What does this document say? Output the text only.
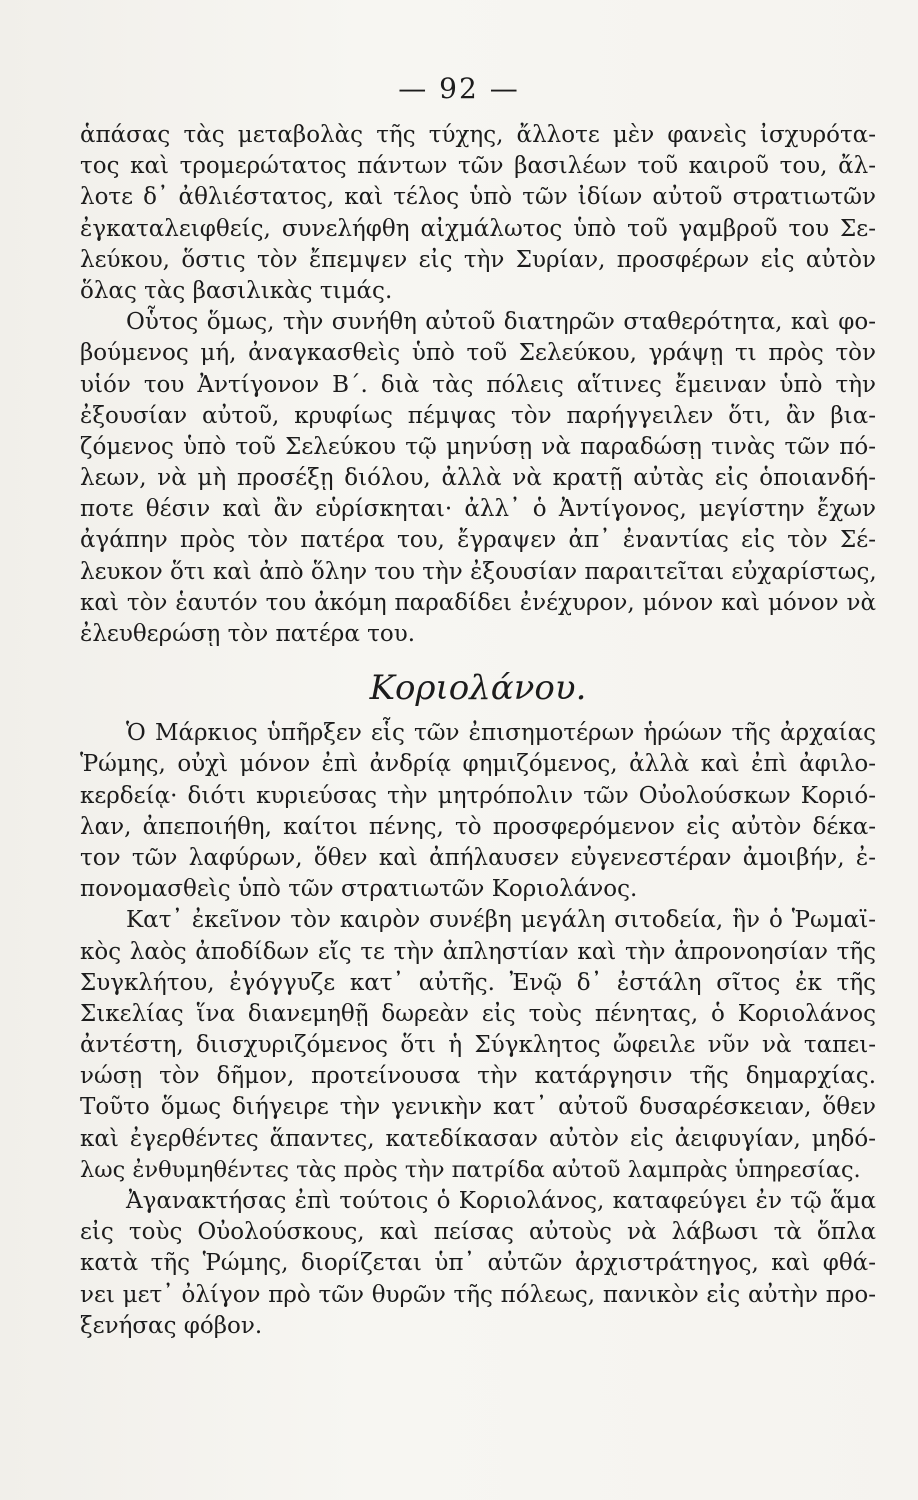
— 92 —
ἁπάσας τὰς μεταβολὰς τῆς τύχης, ἄλλοτε μὲν φανεὶς ἰσχυρότα-
τος καὶ τρομερώτατος πάντων τῶν βασιλέων τοῦ καιροῦ του, ἄλ-
λοτε δ᾽ ἀθλιέστατος, καὶ τέλος ὑπὸ τῶν ἰδίων αὐτοῦ στρατιωτῶν
ἐγκαταλειφθείς, συνελήφθη αἰχμάλωτος ὑπὸ τοῦ γαμβροῦ του Σε-
λεύκου, ὅστις τὸν ἔπεμψεν εἰς τὴν Συρίαν, προσφέρων εἰς αὐτὸν
ὅλας τὰς βασιλικὰς τιμάς.
Οὗτος ὅμως, τὴν συνήθη αὐτοῦ διατηρῶν σταθερότητα, καὶ φο-
βούμενος μή, ἀναγκασθεὶς ὑπὸ τοῦ Σελεύκου, γράψῃ τι πρὸς τὸν
υἱόν του Ἀντίγονον Β΄. διὰ τὰς πόλεις αἵτινες ἔμειναν ὑπὸ τὴν
ἐξουσίαν αὐτοῦ, κρυφίως πέμψας τὸν παρήγγειλεν ὅτι, ἂν βια-
ζόμενος ὑπὸ τοῦ Σελεύκου τῷ μηνύσῃ νὰ παραδώσῃ τινὰς τῶν πό-
λεων, νὰ μὴ προσέξῃ διόλου, ἀλλὰ νὰ κρατῇ αὐτὰς εἰς ὁποιανδή-
ποτε θέσιν καὶ ἂν εὑρίσκηται· ἀλλ᾽ ὁ Ἀντίγονος, μεγίστην ἔχων
ἀγάπην πρὸς τὸν πατέρα του, ἔγραψεν ἀπ᾽ ἐναντίας εἰς τὸν Σέ-
λευκον ὅτι καὶ ἀπὸ ὅλην του τὴν ἐξουσίαν παραιτεῖται εὐχαρίστως,
καὶ τὸν ἑαυτόν του ἀκόμη παραδίδει ἐνέχυρον, μόνον καὶ μόνον νὰ
ἐλευθερώσῃ τὸν πατέρα του.
Κοριολάνου.
Ὁ Μάρκιος ὑπῆρξεν εἷς τῶν ἐπισημοτέρων ἡρώων τῆς ἀρχαίας
Ῥώμης, οὐχὶ μόνον ἐπὶ ἀνδρίᾳ φημιζόμενος, ἀλλὰ καὶ ἐπὶ ἀφιλο-
κερδείᾳ· διότι κυριεύσας τὴν μητρόπολιν τῶν Οὐολούσκων Κοριό-
λαν, ἀπεποιήθη, καίτοι πένης, τὸ προσφερόμενον εἰς αὐτὸν δέκα-
τον τῶν λαφύρων, ὅθεν καὶ ἀπήλαυσεν εὐγενεστέραν ἀμοιβήν, ἐ-
πονομασθεὶς ὑπὸ τῶν στρατιωτῶν Κοριολάνος.
Κατ᾽ ἐκεῖνον τὸν καιρὸν συνέβη μεγάλη σιτοδεία, ἣν ὁ Ῥωμαϊ-
κὸς λαὸς ἀποδίδων εἴς τε τὴν ἀπληστίαν καὶ τὴν ἀπρονοησίαν τῆς
Συγκλήτου, ἐγόγγυζε κατ᾽ αὐτῆς. Ἐνῷ δ᾽ ἐστάλη σῖτος ἐκ τῆς
Σικελίας ἵνα διανεμηθῇ δωρεὰν εἰς τοὺς πένητας, ὁ Κοριολάνος
ἀντέστη, διισχυριζόμενος ὅτι ἡ Σύγκλητος ὤφειλε νῦν νὰ ταπει-
νώσῃ τὸν δῆμον, προτείνουσα τὴν κατάργησιν τῆς δημαρχίας.
Τοῦτο ὅμως διήγειρε τὴν γενικὴν κατ᾽ αὐτοῦ δυσαρέσκειαν, ὅθεν
καὶ ἐγερθέντες ἅπαντες, κατεδίκασαν αὐτὸν εἰς ἀειφυγίαν, μηδό-
λως ἐνθυμηθέντες τὰς πρὸς τὴν πατρίδα αὐτοῦ λαμπρὰς ὑπηρεσίας.
Ἀγανακτήσας ἐπὶ τούτοις ὁ Κοριολάνος, καταφεύγει ἐν τῷ ἅμα
εἰς τοὺς Οὐολούσκους, καὶ πείσας αὐτοὺς νὰ λάβωσι τὰ ὅπλα
κατὰ τῆς Ῥώμης, διορίζεται ὑπ᾽ αὐτῶν ἀρχιστράτηγος, καὶ φθά-
νει μετ᾽ ὀλίγον πρὸ τῶν θυρῶν τῆς πόλεως, πανικὸν εἰς αὐτὴν προ-
ξενήσας φόβον.
